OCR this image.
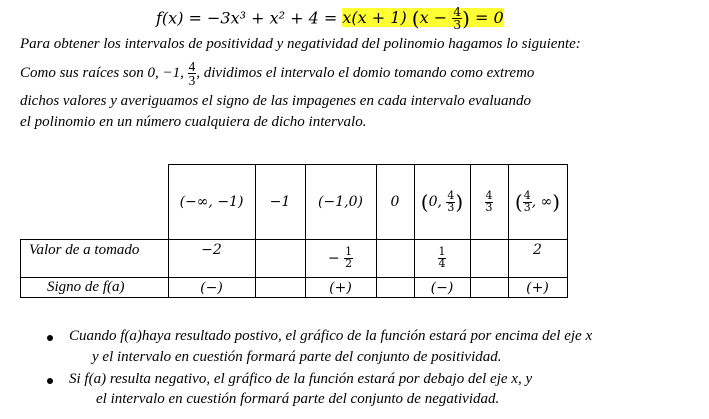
f(x) = −3x³ + x² + 4 = x(x + 1) ($x - \frac{4}{3}$ ) = 0
Para obtener los intervalos de positividad y negatividad del polinomio hagamos lo siguiente:
Como sus raíces son 0, −1, $\frac{4}{3}$ , dividimos el intervalo el domio tomando como extremo
dichos valores y averiguamos el signo de las impagenes en cada intervalo evaluando
el polinomio en un número cualquiera de dicho intervalo.
	(−∞, −1)	−1	(−1,0)	0	(0, $\frac{4}{3}$ )	$\frac{4}{3}$	( $\frac{4}{3}$ , ∞)
Valor de a tomado	−2		− $\frac{1}{2}$		$\frac{1}{4}$		2
Signo de f(a)	(−)		(+)		(−)		(+)
Cuando f(a)haya resultado postivo, el gráfico de la función estará por encima del eje x
y el intervalo en cuestión formará parte del conjunto de positividad.
Si f(a) resulta negativo, el gráfico de la función estará por debajo del eje x, y
el intervalo en cuestión formará parte del conjunto de negatividad.
